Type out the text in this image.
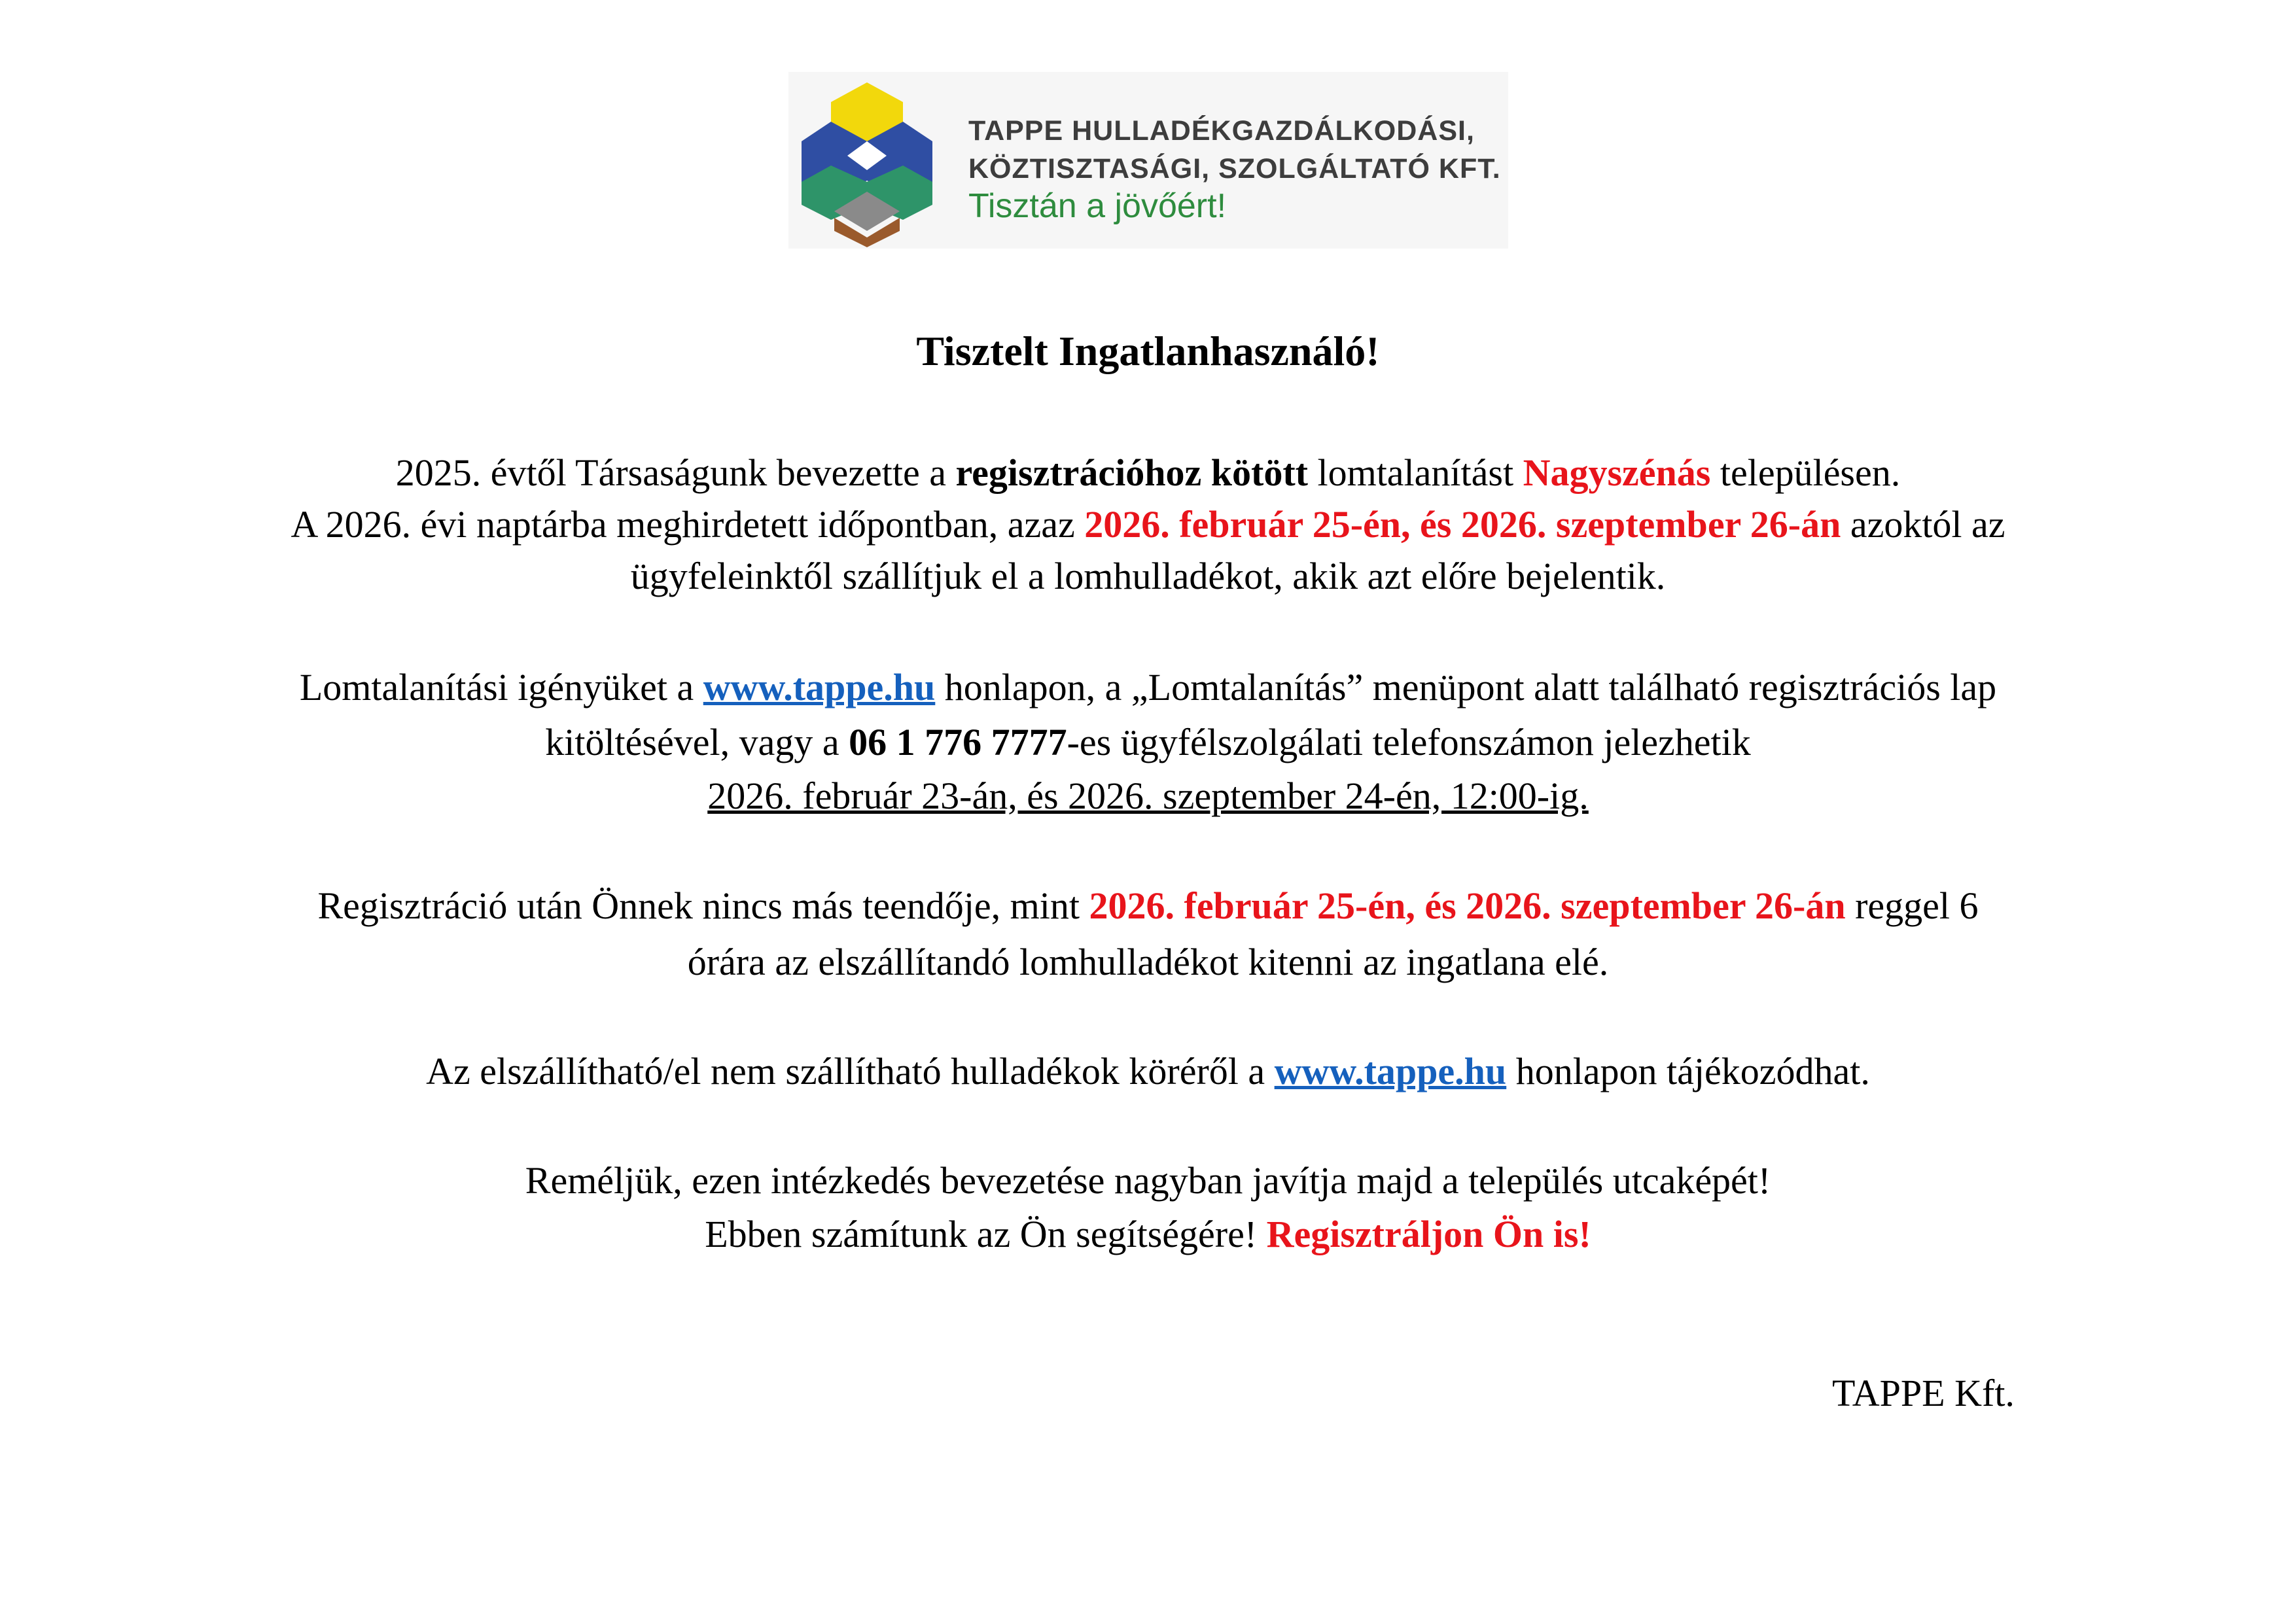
TAPPE HULLADÉKGAZDÁLKODÁSI,
KÖZTISZTASÁGI, SZOLGÁLTATÓ KFT.
Tisztán a jövőért!
Tisztelt Ingatlanhasználó!
2025. évtől Társaságunk bevezette a regisztrációhoz kötött lomtalanítást Nagyszénás településen.
A 2026. évi naptárba meghirdetett időpontban, azaz 2026. február 25-én, és 2026. szeptember 26-án azoktól az
ügyfeleinktől szállítjuk el a lomhulladékot, akik azt előre bejelentik.
Lomtalanítási igényüket a www.tappe.hu honlapon, a „Lomtalanítás” menüpont alatt található regisztrációs lap
kitöltésével, vagy a 06 1 776 7777-es ügyfélszolgálati telefonszámon jelezhetik
2026. február 23-án, és 2026. szeptember 24-én, 12:00-ig.
Regisztráció után Önnek nincs más teendője, mint 2026. február 25-én, és 2026. szeptember 26-án reggel 6
órára az elszállítandó lomhulladékot kitenni az ingatlana elé.
Az elszállítható/el nem szállítható hulladékok köréről a www.tappe.hu honlapon tájékozódhat.
Reméljük, ezen intézkedés bevezetése nagyban javítja majd a település utcaképét!
Ebben számítunk az Ön segítségére! Regisztráljon Ön is!
TAPPE Kft.
